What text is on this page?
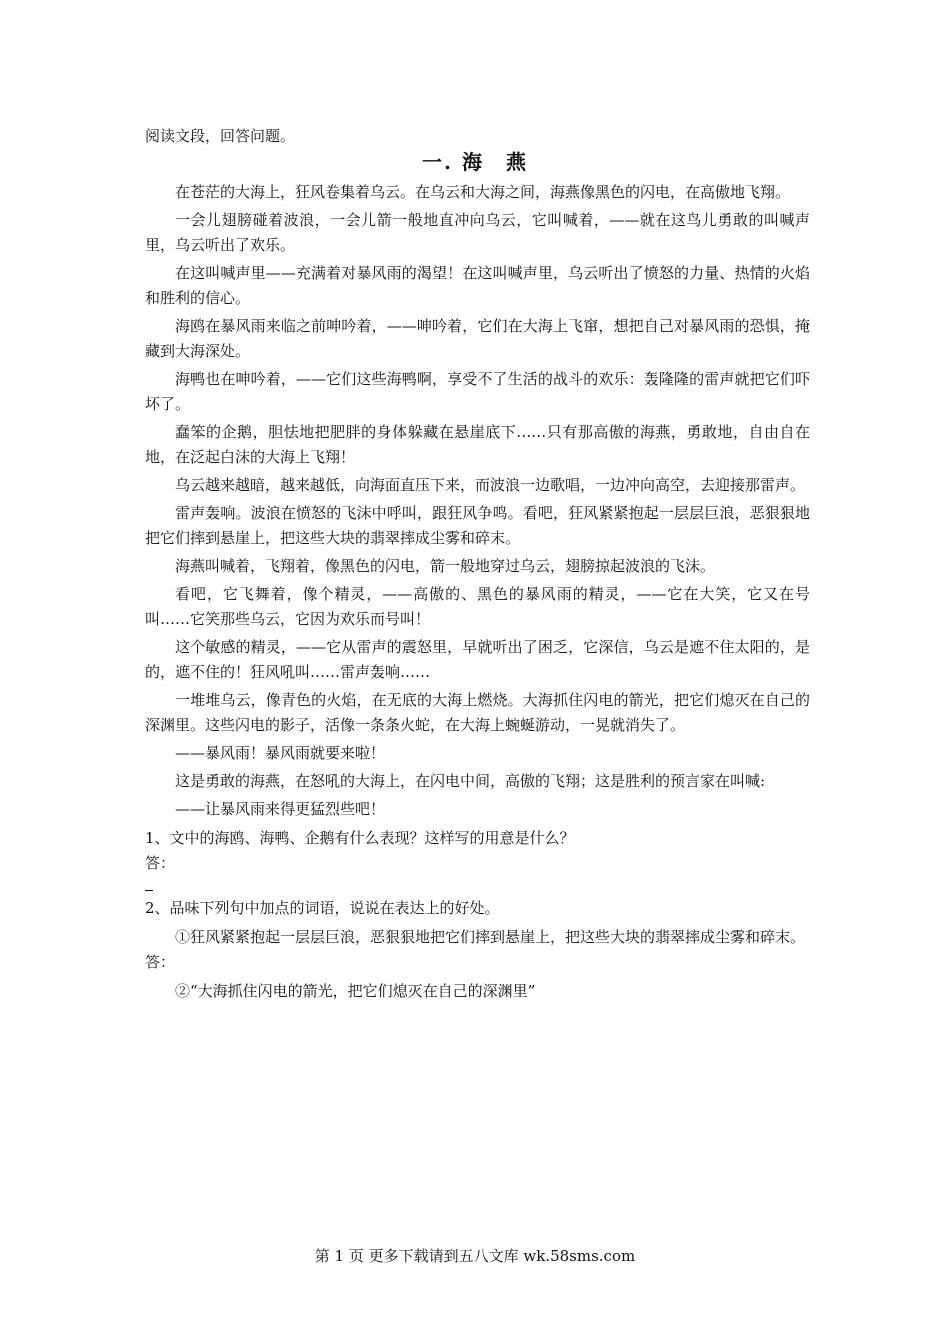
阅读文段，回答问题。
一. 海　燕

在苍茫的大海上，狂风卷集着乌云。在乌云和大海之间，海燕像黑色的闪电，在高傲地飞翔。

一会儿翅膀碰着波浪，一会儿箭一般地直冲向乌云，它叫喊着，——就在这鸟儿勇敢的叫喊声里，乌云听出了欢乐。

在这叫喊声里——充满着对暴风雨的渴望！在这叫喊声里，乌云听出了愤怒的力量、热情的火焰和胜利的信心。

海鸥在暴风雨来临之前呻吟着，——呻吟着，它们在大海上飞窜，想把自己对暴风雨的恐惧，掩藏到大海深处。

海鸭也在呻吟着，——它们这些海鸭啊，享受不了生活的战斗的欢乐：轰隆隆的雷声就把它们吓坏了。

蠢笨的企鹅，胆怯地把肥胖的身体躲藏在悬崖底下……只有那高傲的海燕，勇敢地，自由自在地，在泛起白沫的大海上飞翔！

乌云越来越暗，越来越低，向海面直压下来，而波浪一边歌唱，一边冲向高空，去迎接那雷声。

雷声轰响。波浪在愤怒的飞沫中呼叫，跟狂风争鸣。看吧，狂风紧紧抱起一层层巨浪，恶狠狠地把它们摔到悬崖上，把这些大块的翡翠摔成尘雾和碎末。

海燕叫喊着，飞翔着，像黑色的闪电，箭一般地穿过乌云，翅膀掠起波浪的飞沫。

看吧，它飞舞着，像个精灵，——高傲的、黑色的暴风雨的精灵，——它在大笑，它又在号叫……它笑那些乌云，它因为欢乐而号叫！

这个敏感的精灵，——它从雷声的震怒里，早就听出了困乏，它深信，乌云是遮不住太阳的，是的，遮不住的！狂风吼叫……雷声轰响……

一堆堆乌云，像青色的火焰，在无底的大海上燃烧。大海抓住闪电的箭光，把它们熄灭在自己的深渊里。这些闪电的影子，活像一条条火蛇，在大海上蜿蜒游动，一晃就消失了。

——暴风雨！暴风雨就要来啦！

这是勇敢的海燕，在怒吼的大海上，在闪电中间，高傲的飞翔；这是胜利的预言家在叫喊:

——让暴风雨来得更猛烈些吧！

1、文中的海鸥、海鸭、企鹅有什么表现？这样写的用意是什么？

答：

2、品味下列句中加点的词语，说说在表达上的好处。

①狂风紧紧抱起一层层巨浪，恶狠狠地把它们摔到悬崖上，把这些大块的翡翠摔成尘雾和碎末。

答：

②“大海抓住闪电的箭光，把它们熄灭在自己的深渊里”

第 1 页 更多下载请到五八文库 wk.58sms.com
